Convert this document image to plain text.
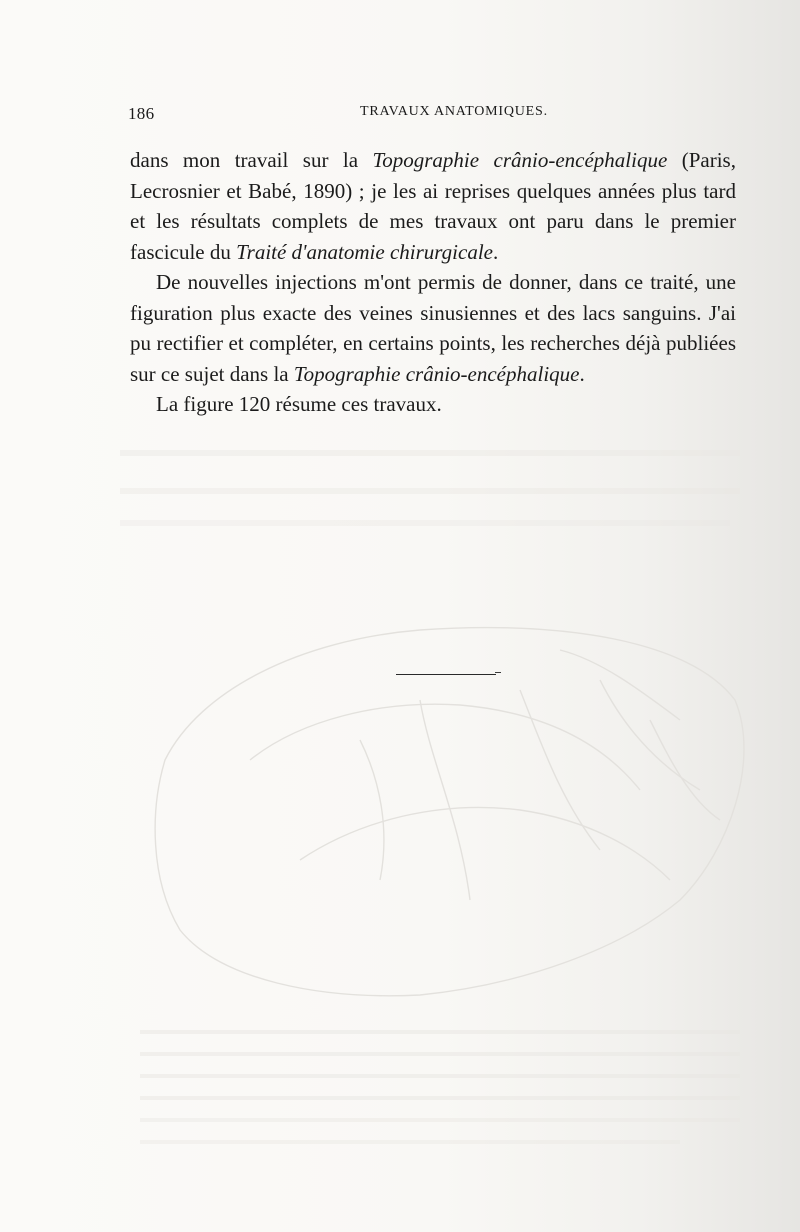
186	TRAVAUX ANATOMIQUES.

dans mon travail sur la Topographie crânio-encéphalique (Paris, Lecrosnier et Babé, 1890) ; je les ai reprises quelques années plus tard et les résultats complets de mes travaux ont paru dans le premier fascicule du Traité d'anatomie chirurgicale.

De nouvelles injections m'ont permis de donner, dans ce traité, une figuration plus exacte des veines sinusiennes et des lacs sanguins. J'ai pu rectifier et compléter, en certains points, les recherches déjà publiées sur ce sujet dans la Topographie crânio-encéphalique.

La figure 120 résume ces travaux.
